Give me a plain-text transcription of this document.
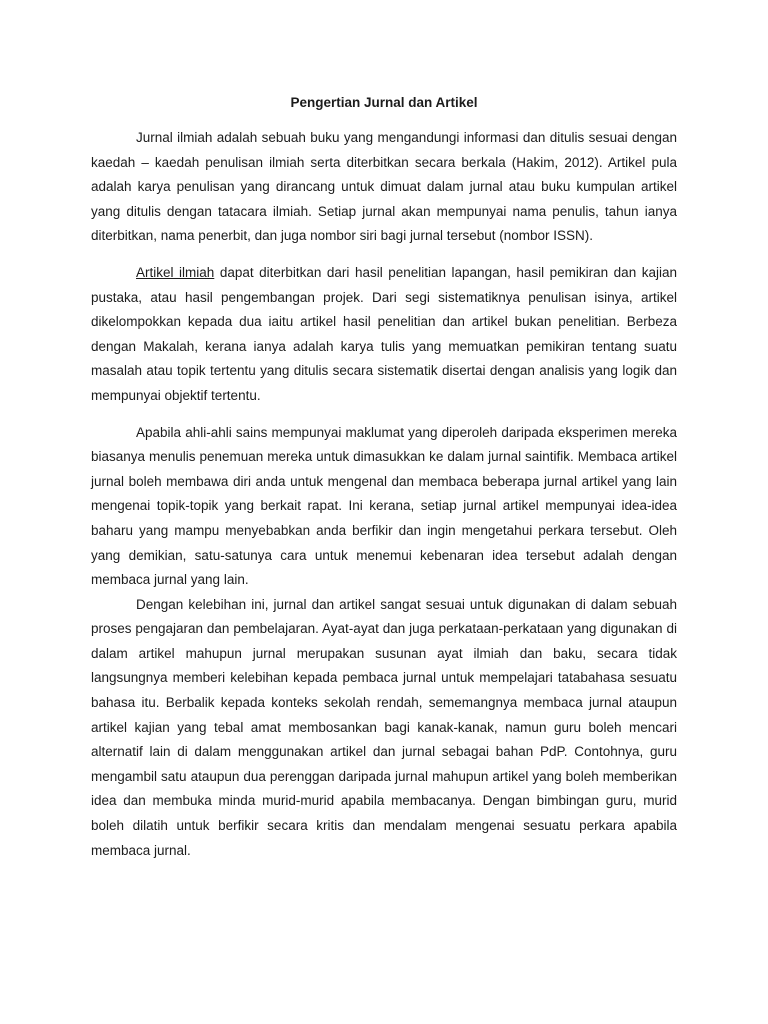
Pengertian Jurnal dan Artikel

Jurnal ilmiah adalah sebuah buku yang mengandungi informasi dan ditulis sesuai dengan kaedah – kaedah penulisan ilmiah serta diterbitkan secara berkala (Hakim, 2012). Artikel pula adalah karya penulisan yang dirancang untuk dimuat dalam jurnal atau buku kumpulan artikel yang ditulis dengan tatacara ilmiah. Setiap jurnal akan mempunyai nama penulis, tahun ianya diterbitkan, nama penerbit, dan juga nombor siri bagi jurnal tersebut (nombor ISSN).

Artikel ilmiah dapat diterbitkan dari hasil penelitian lapangan, hasil pemikiran dan kajian pustaka, atau hasil pengembangan projek. Dari segi sistematiknya penulisan isinya, artikel dikelompokkan kepada dua iaitu artikel hasil penelitian dan artikel bukan penelitian. Berbeza dengan Makalah, kerana ianya adalah karya tulis yang memuatkan pemikiran tentang suatu masalah atau topik tertentu yang ditulis secara sistematik disertai dengan analisis yang logik dan mempunyai objektif tertentu.

Apabila ahli-ahli sains mempunyai maklumat yang diperoleh daripada eksperimen mereka biasanya menulis penemuan mereka untuk dimasukkan ke dalam jurnal saintifik. Membaca artikel jurnal boleh membawa diri anda untuk mengenal dan membaca beberapa jurnal artikel yang lain mengenai topik-topik yang berkait rapat. Ini kerana, setiap jurnal artikel mempunyai idea-idea baharu yang mampu menyebabkan anda berfikir dan ingin mengetahui perkara tersebut. Oleh yang demikian, satu-satunya cara untuk menemui kebenaran idea tersebut adalah dengan membaca jurnal yang lain.

Dengan kelebihan ini, jurnal dan artikel sangat sesuai untuk digunakan di dalam sebuah proses pengajaran dan pembelajaran. Ayat-ayat dan juga perkataan-perkataan yang digunakan di dalam artikel mahupun jurnal merupakan susunan ayat ilmiah dan baku, secara tidak langsungnya memberi kelebihan kepada pembaca jurnal untuk mempelajari tatabahasa sesuatu bahasa itu. Berbalik kepada konteks sekolah rendah, sememangnya membaca jurnal ataupun artikel kajian yang tebal amat membosankan bagi kanak-kanak, namun guru boleh mencari alternatif lain di dalam menggunakan artikel dan jurnal sebagai bahan PdP. Contohnya, guru mengambil satu ataupun dua perenggan daripada jurnal mahupun artikel yang boleh memberikan idea dan membuka minda murid-murid apabila membacanya. Dengan bimbingan guru, murid boleh dilatih untuk berfikir secara kritis dan mendalam mengenai sesuatu perkara apabila membaca jurnal.
